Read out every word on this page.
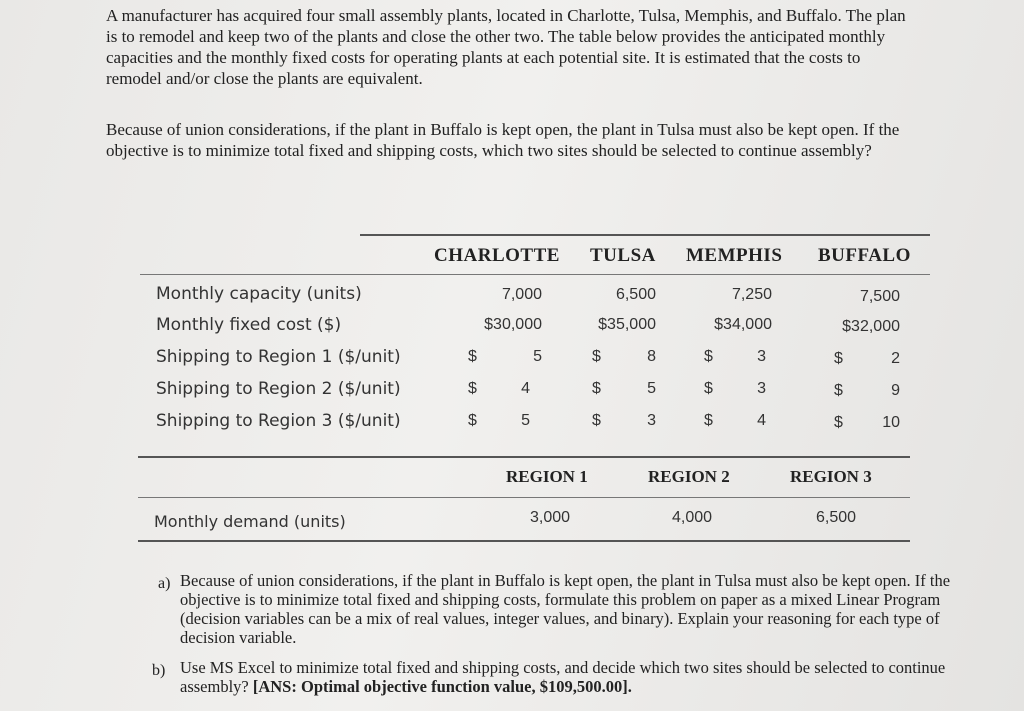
A manufacturer has acquired four small assembly plants, located in Charlotte, Tulsa, Memphis, and Buffalo. The plan is to remodel and keep two of the plants and close the other two. The table below provides the anticipated monthly capacities and the monthly fixed costs for operating plants at each potential site. It is estimated that the costs to remodel and/or close the plants are equivalent.

Because of union considerations, if the plant in Buffalo is kept open, the plant in Tulsa must also be kept open. If the objective is to minimize total fixed and shipping costs, which two sites should be selected to continue assembly?

CHARLOTTE TULSA MEMPHIS BUFFALO
Monthly capacity (units)	7,000	6,500	7,250	7,500
Monthly fixed cost ($)	$30,000	$35,000	$34,000	$32,000
Shipping to Region 1 ($/unit)	$	5	$	8	$	3	$	2
Shipping to Region 2 ($/unit)	$	4	$	5	$	3	$	9
Shipping to Region 3 ($/unit)	$	5	$	3	$	4	$ 10
REGION 1	REGION 2	REGION 3
Monthly demand (units)	3,000	4,000	6,500
a) Because of union considerations, if the plant in Buffalo is kept open, the plant in Tulsa must also be kept open. If the objective is to minimize total fixed and shipping costs, formulate this problem on paper as a mixed Linear Program (decision variables can be a mix of real values, integer values, and binary). Explain your reasoning for each type of decision variable.

b) Use MS Excel to minimize total fixed and shipping costs, and decide which two sites should be selected to continue assembly? [ANS: Optimal objective function value, $109,500.00].
